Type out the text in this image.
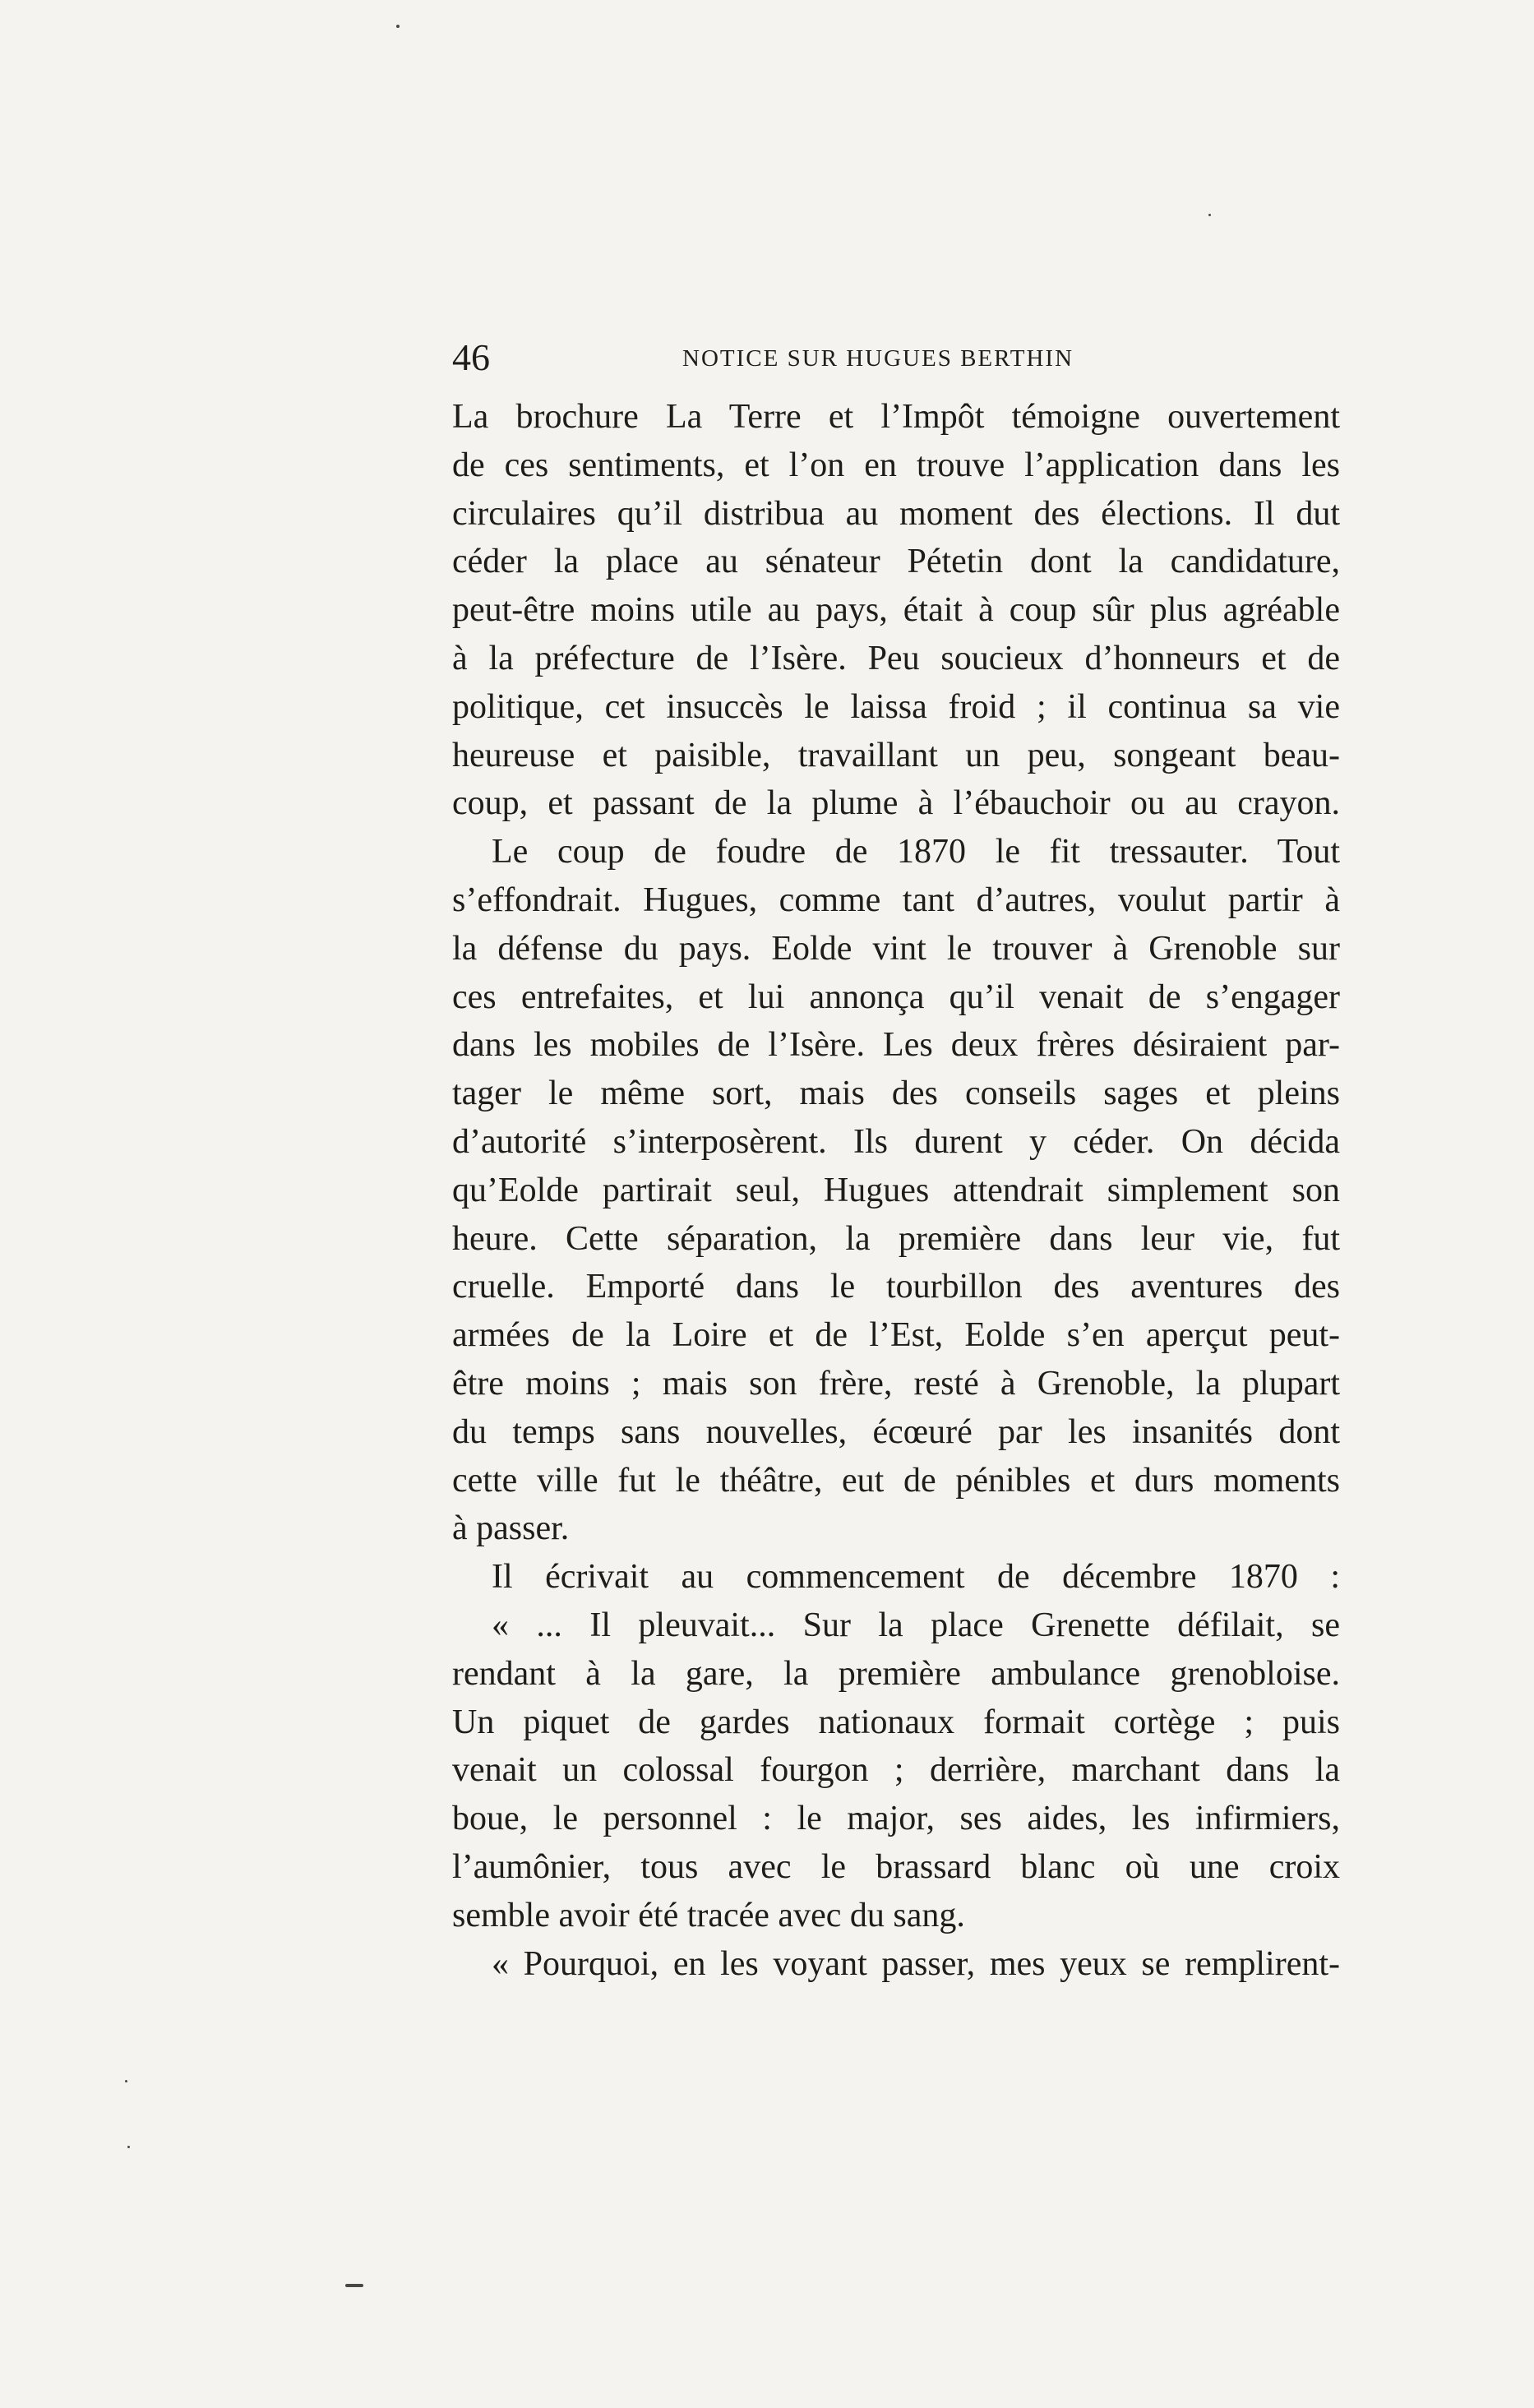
46	NOTICE SUR HUGUES BERTHIN
La brochure La Terre et l’Impôt témoigne ouvertement
de ces sentiments, et l’on en trouve l’application dans les
circulaires qu’il distribua au moment des élections. Il dut
céder la place au sénateur Pétetin dont la candidature,
peut-être moins utile au pays, était à coup sûr plus agréable
à la préfecture de l’Isère. Peu soucieux d’honneurs et de
politique, cet insuccès le laissa froid ; il continua sa vie
heureuse et paisible, travaillant un peu, songeant beau-
coup, et passant de la plume à l’ébauchoir ou au crayon.
Le coup de foudre de 1870 le fit tressauter. Tout
s’effondrait. Hugues, comme tant d’autres, voulut partir à
la défense du pays. Eolde vint le trouver à Grenoble sur
ces entrefaites, et lui annonça qu’il venait de s’engager
dans les mobiles de l’Isère. Les deux frères désiraient par-
tager le même sort, mais des conseils sages et pleins
d’autorité s’interposèrent. Ils durent y céder. On décida
qu’Eolde partirait seul, Hugues attendrait simplement son
heure. Cette séparation, la première dans leur vie, fut
cruelle. Emporté dans le tourbillon des aventures des
armées de la Loire et de l’Est, Eolde s’en aperçut peut-
être moins ; mais son frère, resté à Grenoble, la plupart
du temps sans nouvelles, écœuré par les insanités dont
cette ville fut le théâtre, eut de pénibles et durs moments
à passer.
Il écrivait au commencement de décembre 1870 :
« ... Il pleuvait... Sur la place Grenette défilait, se
rendant à la gare, la première ambulance grenobloise.
Un piquet de gardes nationaux formait cortège ; puis
venait un colossal fourgon ; derrière, marchant dans la
boue, le personnel : le major, ses aides, les infirmiers,
l’aumônier, tous avec le brassard blanc où une croix
semble avoir été tracée avec du sang.
« Pourquoi, en les voyant passer, mes yeux se remplirent-
